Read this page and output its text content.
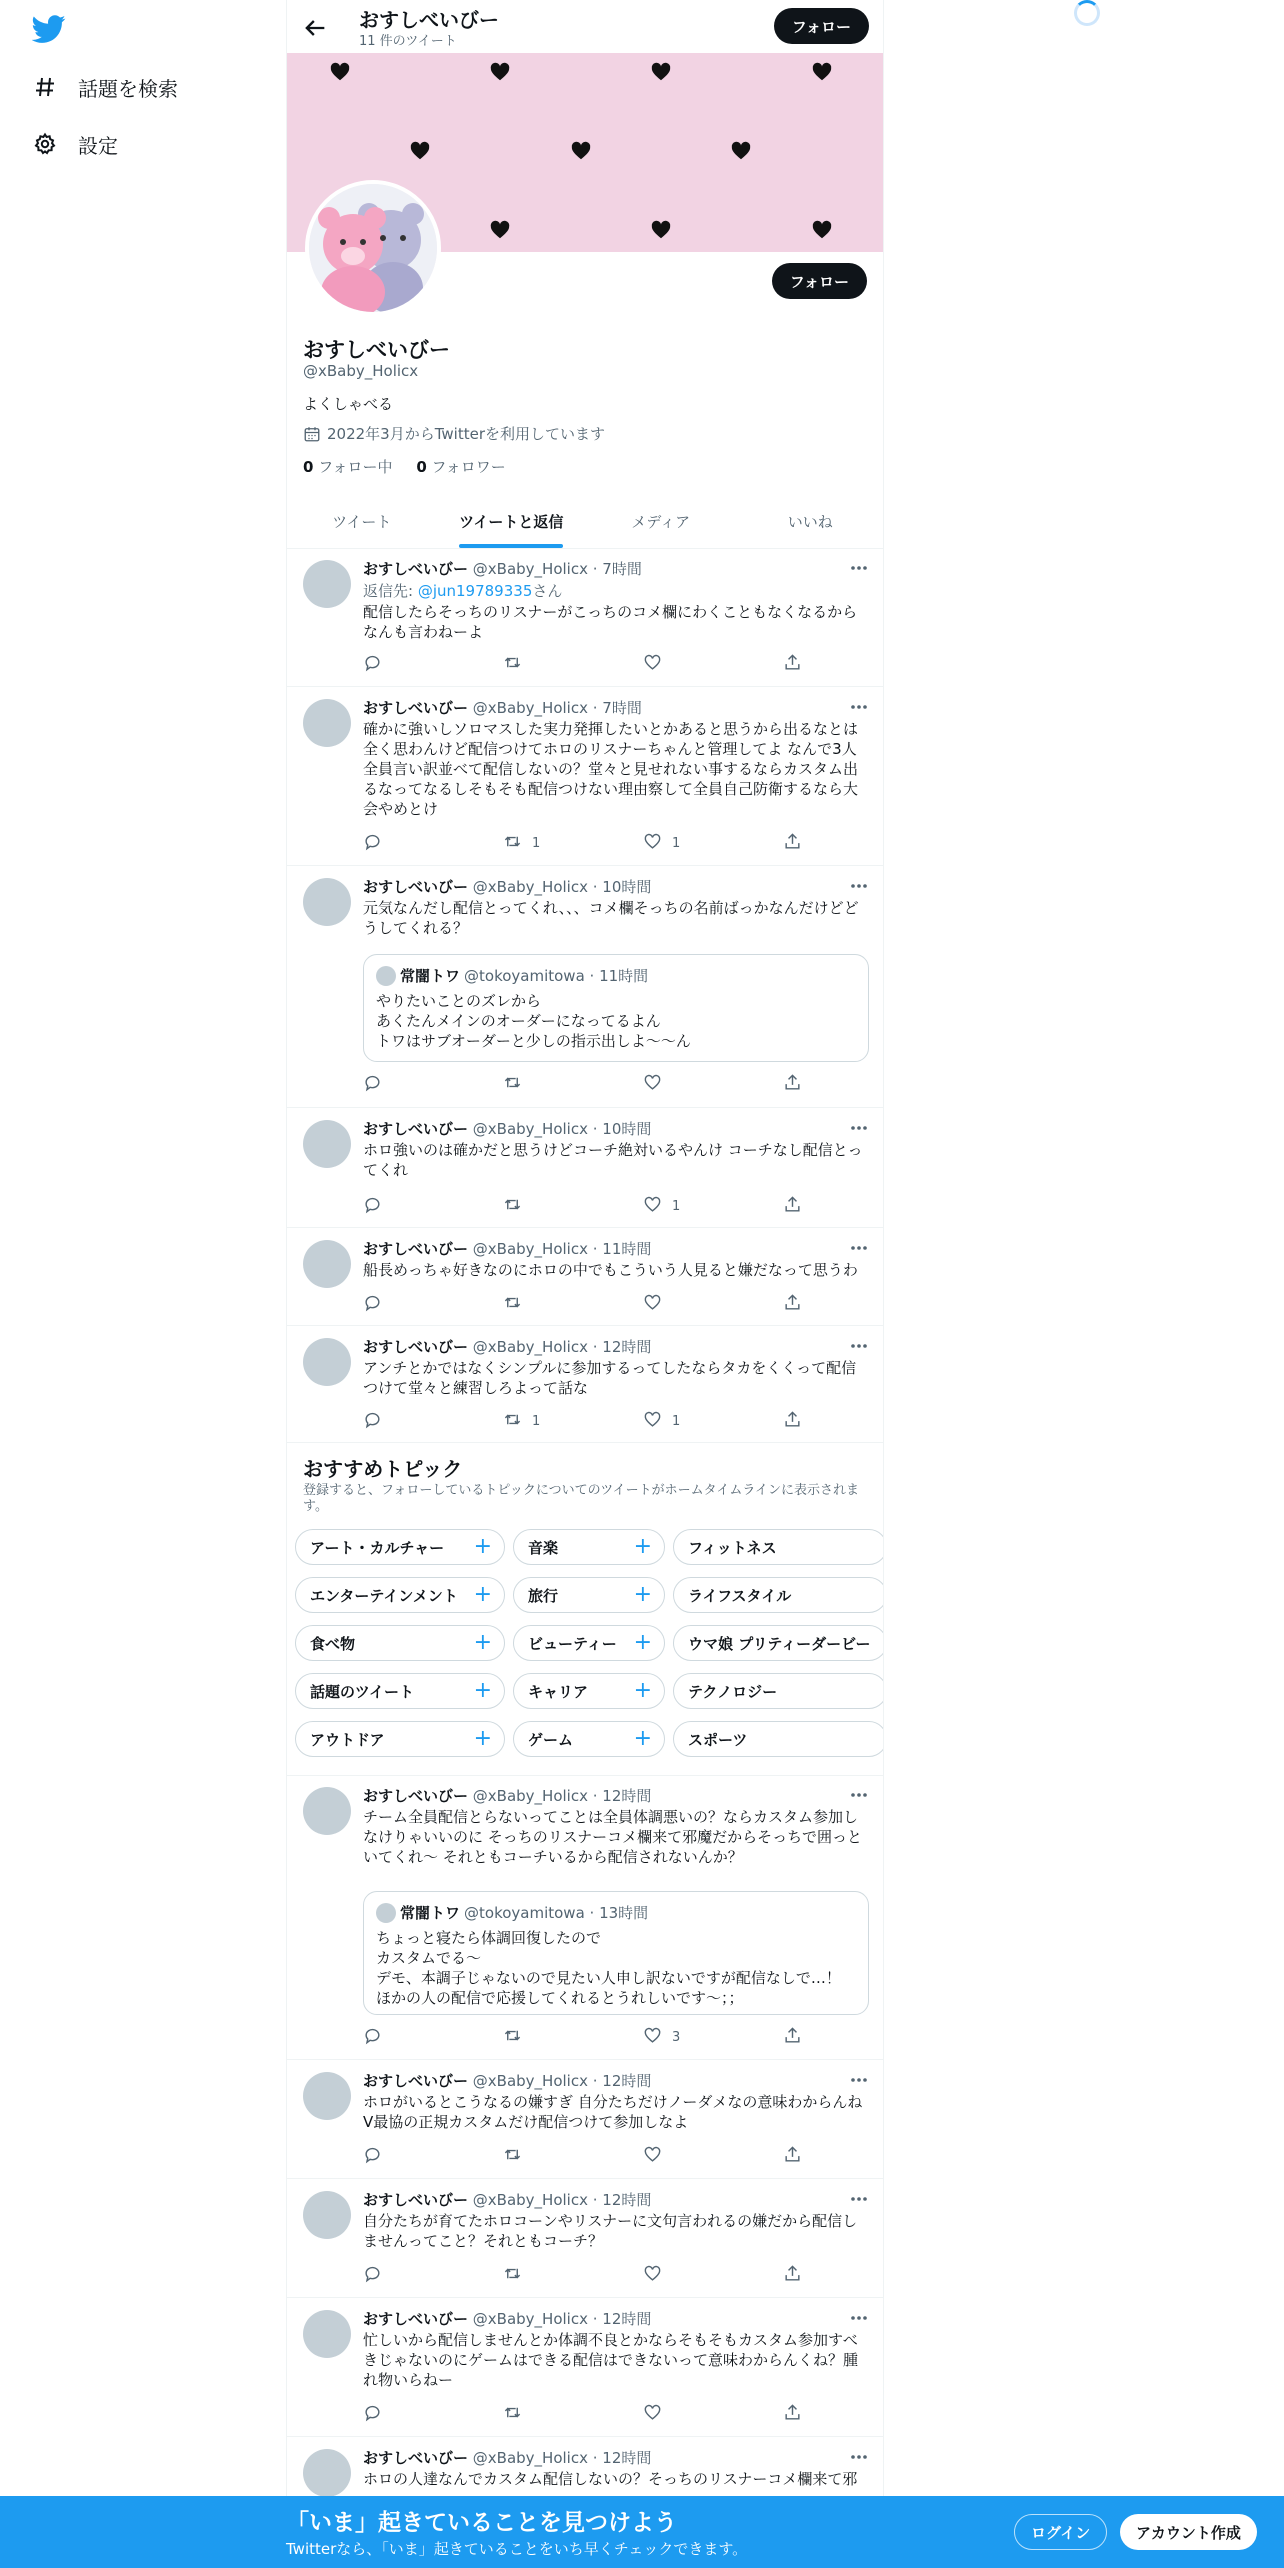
話題を検索
設定
おすしべいびー
11 件のツイート
フォロー
フォロー
おすしべいびー
@xBaby_Holicx
よくしゃべる
2022年3月からTwitterを利用しています
0 フォロー中 0 フォロワー
ツイート	ツイートと返信	メディア	いいね
おすしべいびー @xBaby_Holicx · 7時間
返信先: @jun19789335さん
配信したらそっちのリスナーがこっちのコメ欄にわくこともなくなるからなんも言わねーよ
おすしべいびー @xBaby_Holicx · 7時間
確かに強いしソロマスした実力発揮したいとかあると思うから出るなとは全く思わんけど配信つけてホロのリスナーちゃんと管理してよ なんで3人全員言い訳並べて配信しないの？堂々と見せれない事するならカスタム出るなってなるしそもそも配信つけない理由察して全員自己防衛するなら大会やめとけ
1	1
おすしべいびー @xBaby_Holicx · 10時間
元気なんだし配信とってくれ、、、コメ欄そっちの名前ばっかなんだけどどうしてくれる？
常闇トワ @tokoyamitowa · 11時間
やりたいことのズレから
あくたんメインのオーダーになってるよん
トワはサブオーダーと少しの指示出しよ〜〜ん
おすしべいびー @xBaby_Holicx · 10時間
ホロ強いのは確かだと思うけどコーチ絶対いるやんけ コーチなし配信とってくれ
1
おすしべいびー @xBaby_Holicx · 11時間
船長めっちゃ好きなのにホロの中でもこういう人見ると嫌だなって思うわ
おすしべいびー @xBaby_Holicx · 12時間
アンチとかではなくシンプルに参加するってしたならタカをくくって配信つけて堂々と練習しろよって話な
1	1
おすすめトピック
登録すると、フォローしているトピックについてのツイートがホームタイムラインに表示されます。
アート・カルチャー + 音楽	+ フィットネス
エンターテインメント + 旅行	+ ライフスタイル
食べ物	+ ビューティー + ウマ娘 プリティーダービー
話題のツイート	+ キャリア + テクノロジー
アウトドア	+ ゲーム	+ スポーツ
おすしべいびー @xBaby_Holicx · 12時間
チーム全員配信とらないってことは全員体調悪いの？ならカスタム参加しなけりゃいいのに そっちのリスナーコメ欄来て邪魔だからそっちで囲っといてくれ〜 それともコーチいるから配信されないんか？
常闇トワ @tokoyamitowa · 13時間
ちょっと寝たら体調回復したので
カスタムでる〜
デモ、本調子じゃないので見たい人申し訳ないですが配信なしで…！
ほかの人の配信で応援してくれるとうれしいです～；；
3
おすしべいびー @xBaby_Holicx · 12時間
ホロがいるとこうなるの嫌すぎ 自分たちだけノーダメなの意味わからんねV最協の正規カスタムだけ配信つけて参加しなよ
おすしべいびー @xBaby_Holicx · 12時間
自分たちが育てたホロコーンやリスナーに文句言われるの嫌だから配信しませんってこと？それともコーチ？
おすしべいびー @xBaby_Holicx · 12時間
忙しいから配信しませんとか体調不良とかならそもそもカスタム参加すべきじゃないのにゲームはできる配信はできないって意味わからんくね？腫れ物いらねー
おすしべいびー @xBaby_Holicx · 12時間
ホロの人達なんでカスタム配信しないの？そっちのリスナーコメ欄来て邪
「いま」起きていることを見つけよう
Twitterなら、「いま」起きていることをいち早くチェックできます。
ログイン	アカウント作成
